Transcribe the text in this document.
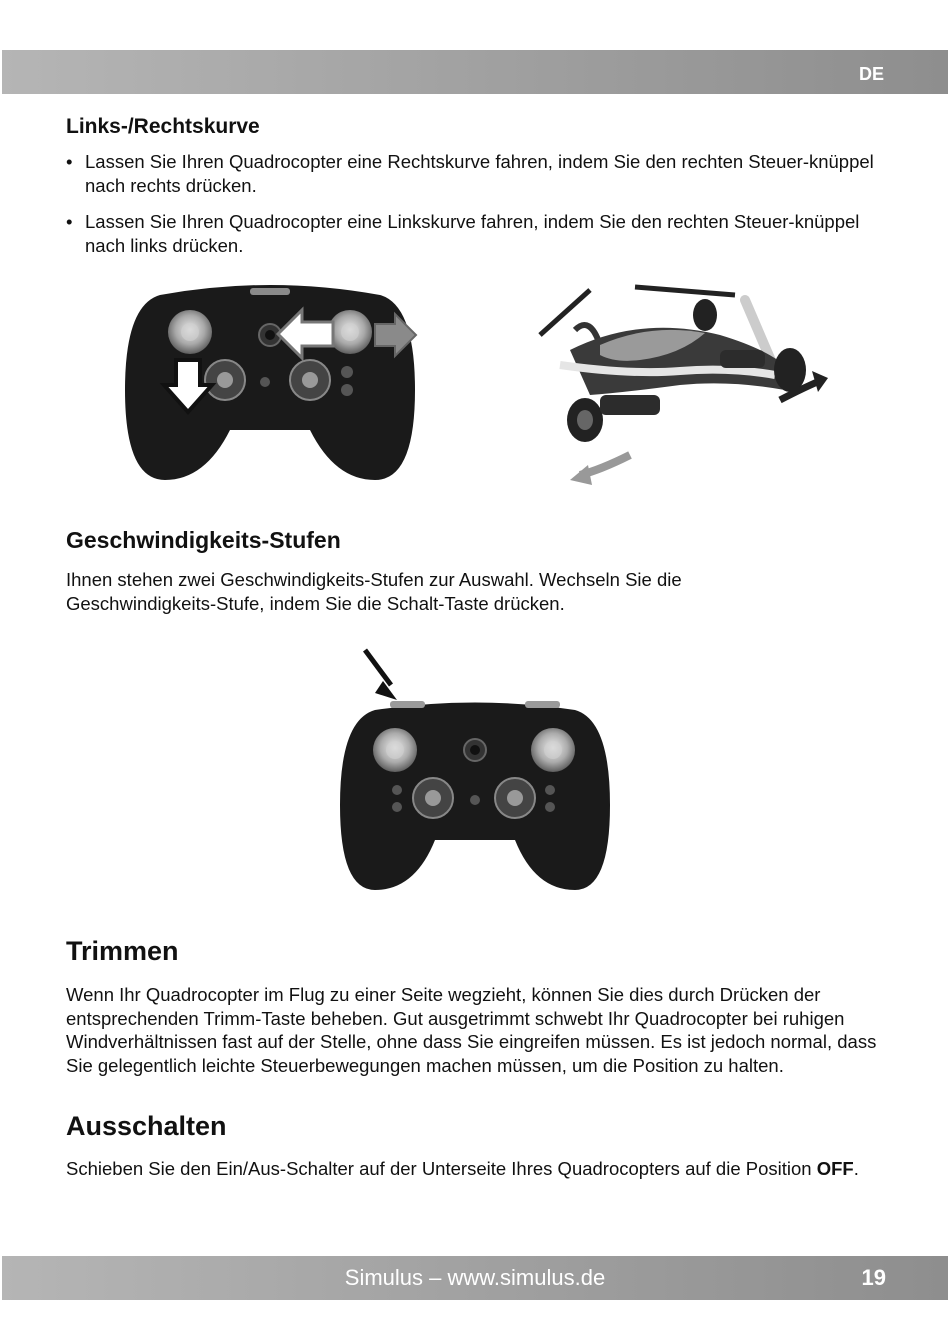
DE
Links-/Rechtskurve
• Lassen Sie Ihren Quadrocopter eine Rechtskurve fahren, indem Sie den rechten Steuer-knüppel nach rechts drücken.
• Lassen Sie Ihren Quadrocopter eine Linkskurve fahren, indem Sie den rechten Steuer-knüppel nach links drücken.
Geschwindigkeits-Stufen
Ihnen stehen zwei Geschwindigkeits-Stufen zur Auswahl. Wechseln Sie die Geschwindigkeits-Stufe, indem Sie die Schalt-Taste drücken.
Trimmen
Wenn Ihr Quadrocopter im Flug zu einer Seite wegzieht, können Sie dies durch Drücken der entsprechenden Trimm-Taste beheben. Gut ausgetrimmt schwebt Ihr Quadrocopter bei ruhigen Windverhältnissen fast auf der Stelle, ohne dass Sie eingreifen müssen. Es ist jedoch normal, dass Sie gelegentlich leichte Steuerbewegungen machen müssen, um die Position zu halten.
Ausschalten
Schieben Sie den Ein/Aus-Schalter auf der Unterseite Ihres Quadrocopters auf die Position OFF.
Simulus – www.simulus.de	19
